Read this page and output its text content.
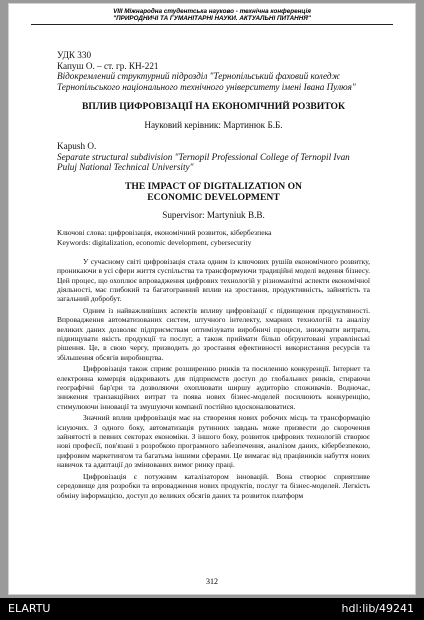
VIII Міжнародна студентська науково - технічна конференція
"ПРИРОДНИЧІ ТА ГУМАНІТАРНІ НАУКИ. АКТУАЛЬНІ ПИТАННЯ"

УДК 330

Капуш О. – ст. гр. КН-221

Відокремлений структурний підрозділ "Тернопільський фаховий коледж Тернопільського національного технічного університету імені Івана Пулюя"

ВПЛИВ ЦИФРОВІЗАЦІЇ НА ЕКОНОМІЧНИЙ РОЗВИТОК

Науковий керівник: Мартинюк Б.Б.

Kapush O.

Separate structural subdivision "Ternopil Professional College of Ternopil Ivan Puluj National Technical University"

THE IMPACT OF DIGITALIZATION ON ECONOMIC DEVELOPMENT

Supervisor: Martyniuk B.B.

Ключові слова: цифровізація, економічний розвиток, кібербезпека

Keywords: digitalization, economic development, cybersecurity

У сучасному світі цифровізація стала одним із ключових рушіїв економічного розвитку, проникаючи в усі сфери життя суспільства та трансформуючи традиційні моделі ведення бізнесу. Цей процес, що охоплює впровадження цифрових технологій у різноманітні аспекти економічної діяльності, має глибокий та багатогранний вплив на зростання, продуктивність, зайнятість та загальний добробут.

Одним із найважливіших аспектів впливу цифровізації є підвищення продуктивності. Впровадження автоматизованих систем, штучного інтелекту, хмарних технологій та аналізу великих даних дозволяє підприємствам оптимізувати виробничі процеси, знижувати витрати, підвищувати якість продукції та послуг, а також приймати більш обґрунтовані управлінські рішення. Це, в свою чергу, призводить до зростання ефективності використання ресурсів та збільшення обсягів виробництва.

Цифровізація також сприяє розширенню ринків та посиленню конкуренції. Інтернет та електронна комерція відкривають для підприємств доступ до глобальних ринків, стираючи географічні бар'єри та дозволяючи охоплювати ширшу аудиторію споживачів. Водночас, зниження транзакційних витрат та поява нових бізнес-моделей посилюють конкуренцію, стимулюючи інновації та змушуючи компанії постійно вдосконалюватися.

Значний вплив цифровізація має на створення нових робочих місць та трансформацію існуючих. З одного боку, автоматизація рутинних завдань може призвести до скорочення зайнятості в певних секторах економіки. З іншого боку, розвиток цифрових технологій створює нові професії, пов'язані з розробкою програмного забезпечення, аналізом даних, кібербезпекою, цифровим маркетингом та багатьма іншими сферами. Це вимагає від працівників набуття нових навичок та адаптації до змінюваних вимог ринку праці.

Цифровізація є потужним каталізатором інновацій. Вона створює сприятливе середовище для розробки та впровадження нових продуктів, послуг та бізнес-моделей. Легкість обміну інформацією, доступ до великих обсягів даних та розвиток платформ

312
ELARTU	hdl:lib/49241
